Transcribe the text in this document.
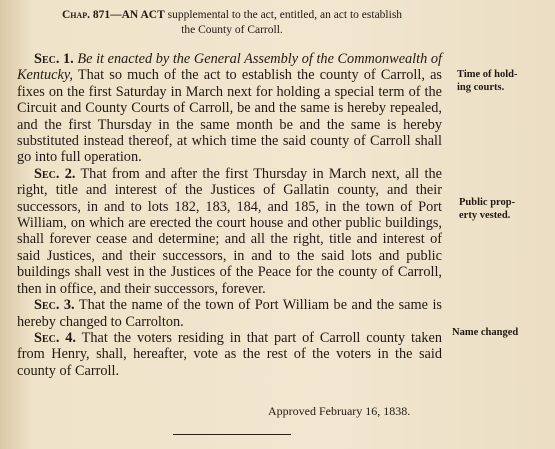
Chap. 871—AN ACT supplemental to the act, entitled, an act to establish
the County of Carroll.

Sec. 1. Be it enacted by the General Assembly of the Commonwealth of Kentucky, That so much of the act to establish the county of Carroll, as fixes on the first Saturday in March next for holding a special term of the Circuit and County Courts of Carroll, be and the same is hereby repealed, and the first Thursday in the same month be and the same is hereby substituted instead thereof, at which time the said county of Carroll shall go into full operation.

Sec. 2. That from and after the first Thursday in March next, all the right, title and interest of the Justices of Gallatin county, and their successors, in and to lots 182, 183, 184, and 185, in the town of Port William, on which are erected the court house and other public buildings, shall forever cease and determine; and all the right, title and interest of said Justices, and their successors, in and to the said lots and public buildings shall vest in the Justices of the Peace for the county of Carroll, then in office, and their successors, forever.

Sec. 3. That the name of the town of Port William be and the same is hereby changed to Carrolton.

Sec. 4. That the voters residing in that part of Carroll county taken from Henry, shall, hereafter, vote as the rest of the voters in the said county of Carroll.

Approved February 16, 1838.
Time of hold-
ing courts.
Public prop-
erty vested.
Name changed
